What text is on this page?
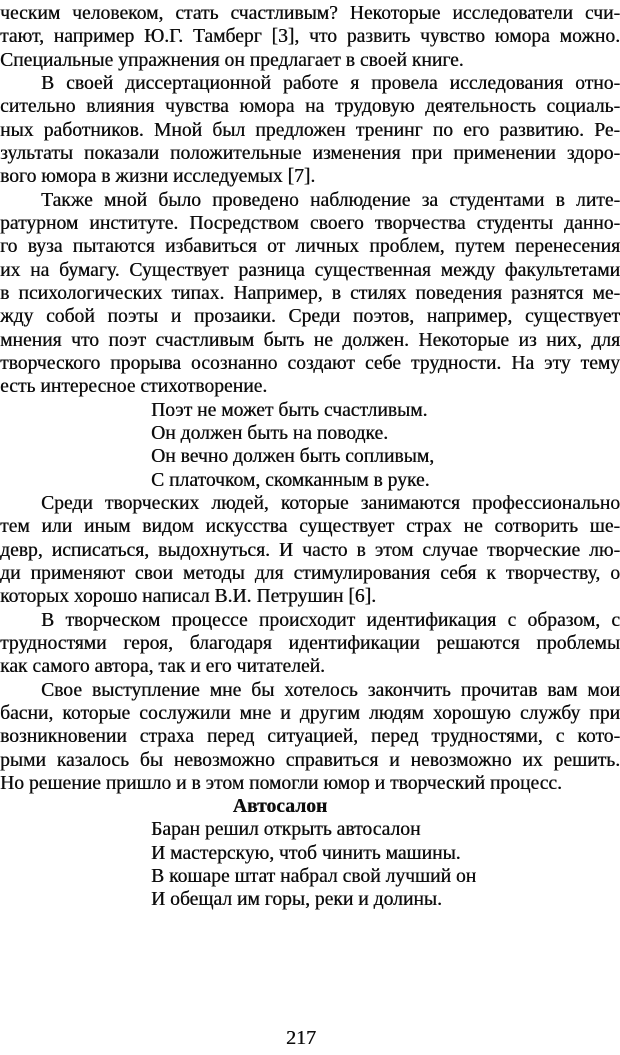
ческим человеком, стать счастливым? Некоторые исследователи счи-
тают, например Ю.Г. Тамберг [3], что развить чувство юмора можно.
Специальные упражнения он предлагает в своей книге.
В своей диссертационной работе я провела исследования отно-
сительно влияния чувства юмора на трудовую деятельность социаль-
ных работников. Мной был предложен тренинг по его развитию. Ре-
зультаты показали положительные изменения при применении здоро-
вого юмора в жизни исследуемых [7].
Также мной было проведено наблюдение за студентами в лите-
ратурном институте. Посредством своего творчества студенты данно-
го вуза пытаются избавиться от личных проблем, путем перенесения
их на бумагу. Существует разница существенная между факультетами
в психологических типах. Например, в стилях поведения разнятся ме-
жду собой поэты и прозаики. Среди поэтов, например, существует
мнения что поэт счастливым быть не должен. Некоторые из них, для
творческого прорыва осознанно создают себе трудности. На эту тему
есть интересное стихотворение.
Поэт не может быть счастливым.
Он должен быть на поводке.
Он вечно должен быть сопливым,
С платочком, скомканным в руке.
Среди творческих людей, которые занимаются профессионально
тем или иным видом искусства существует страх не сотворить ше-
девр, исписаться, выдохнуться. И часто в этом случае творческие лю-
ди применяют свои методы для стимулирования себя к творчеству, о
которых хорошо написал В.И. Петрушин [6].
В творческом процессе происходит идентификация с образом, с
трудностями героя, благодаря идентификации решаются проблемы
как самого автора, так и его читателей.
Свое выступление мне бы хотелось закончить прочитав вам мои
басни, которые сослужили мне и другим людям хорошую службу при
возникновении страха перед ситуацией, перед трудностями, с кото-
рыми казалось бы невозможно справиться и невозможно их решить.
Но решение пришло и в этом помогли юмор и творческий процесс.
Автосалон
Баран решил открыть автосалон
И мастерскую, чтоб чинить машины.
В кошаре штат набрал свой лучший он
И обещал им горы, реки и долины.
217
